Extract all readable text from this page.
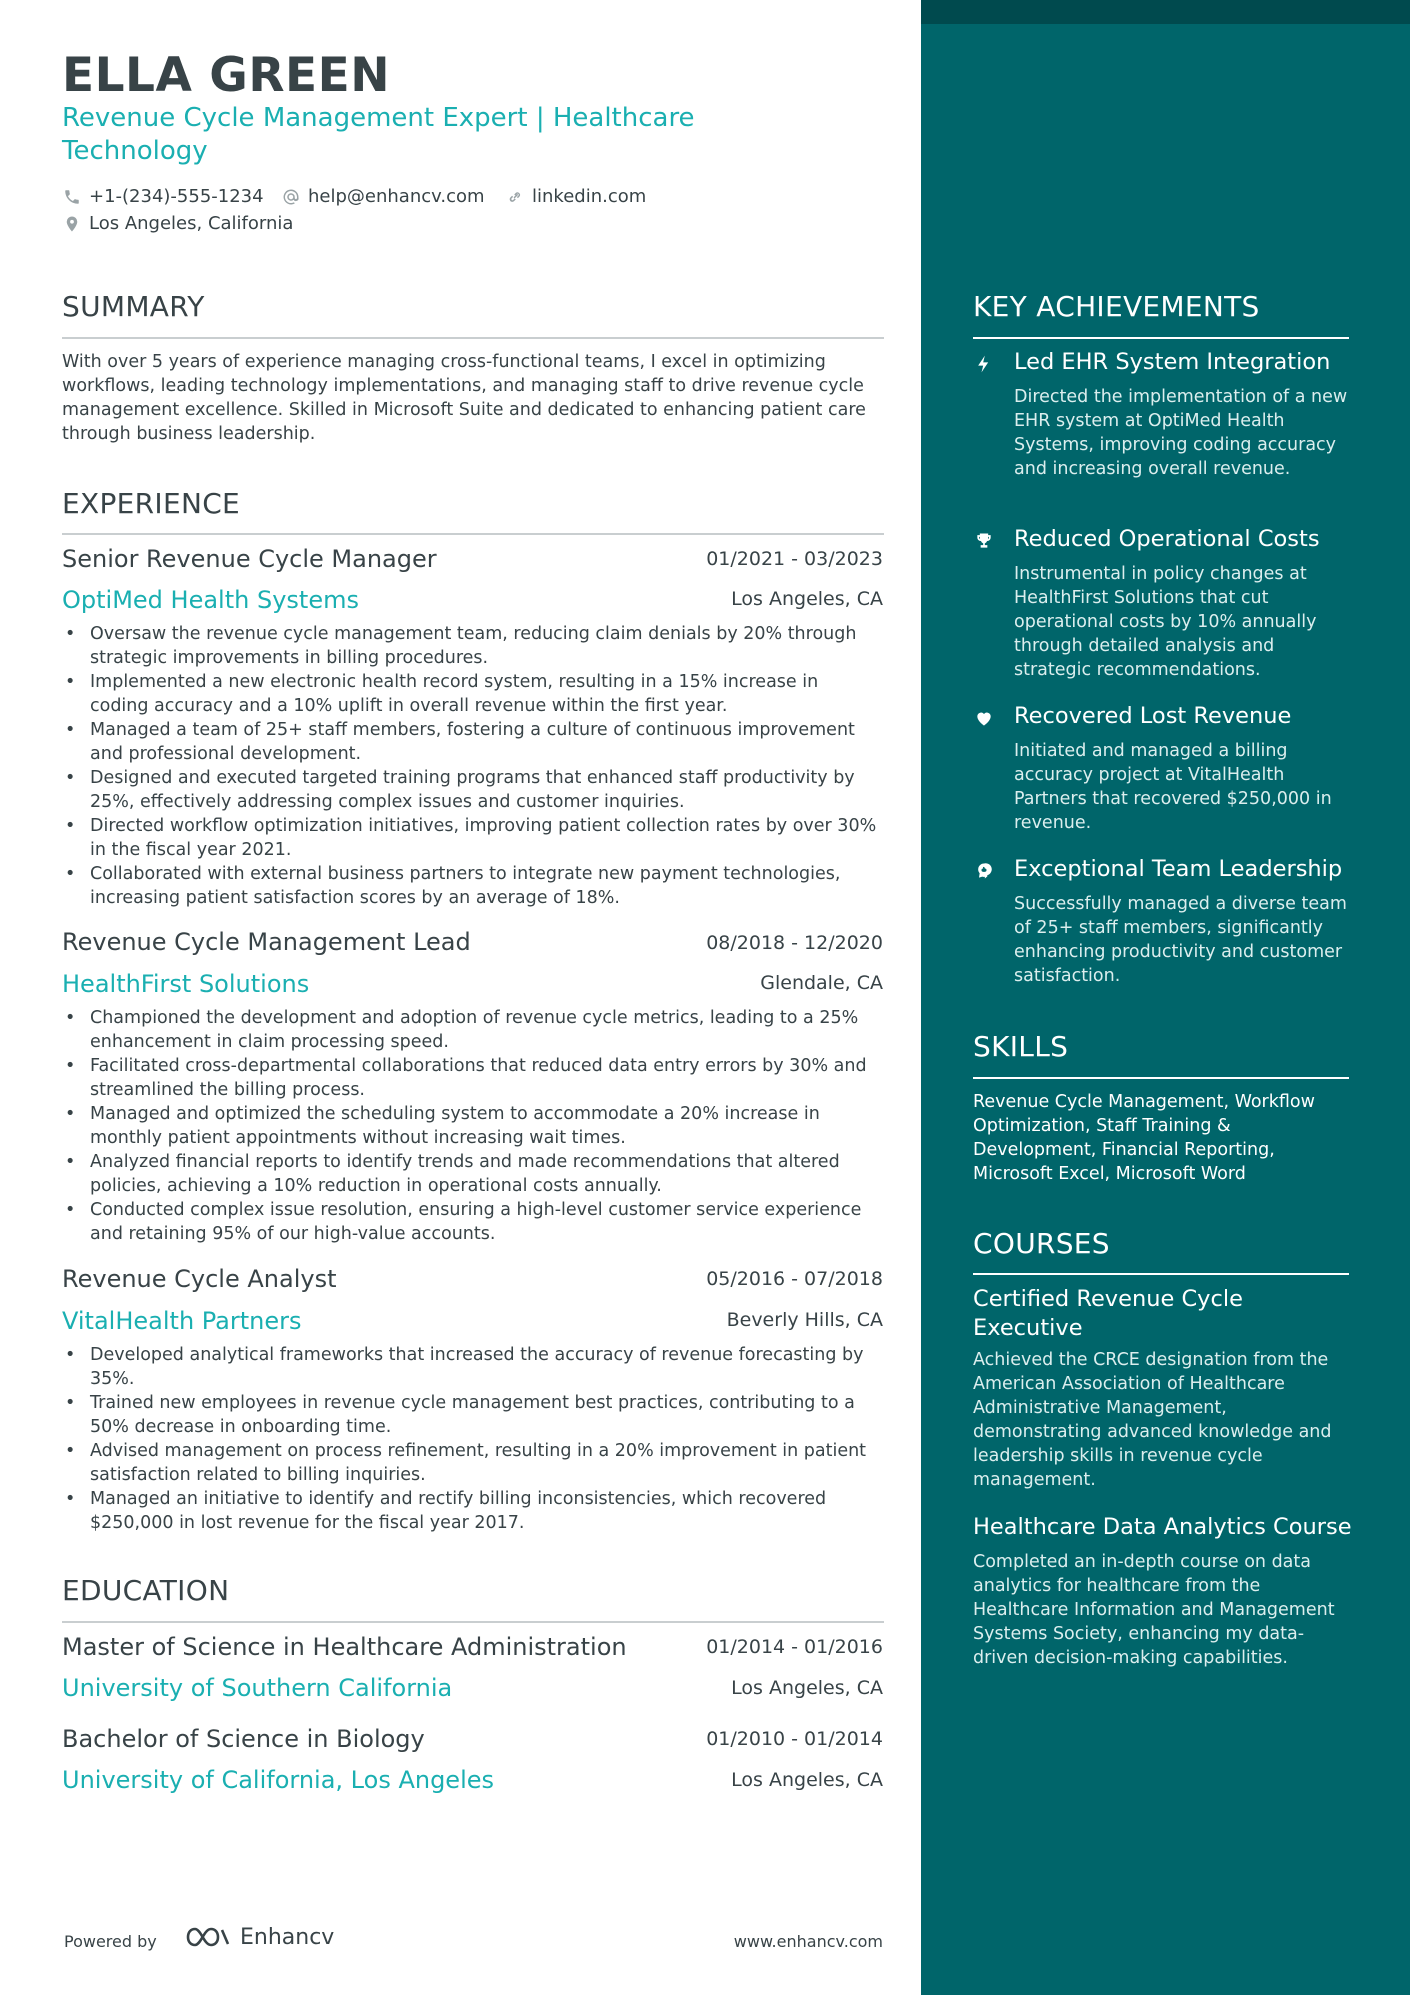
ELLA GREEN
Revenue Cycle Management Expert | Healthcare Technology
+1-(234)-555-1234 help@enhancv.com	linkedin.com
Los Angeles, California
SUMMARY
With over 5 years of experience managing cross-functional teams, I excel in optimizing workflows, leading technology implementations, and managing staff to drive revenue cycle management excellence. Skilled in Microsoft Suite and dedicated to enhancing patient care through business leadership.
EXPERIENCE
Senior Revenue Cycle Manager	01/2021 - 03/2023
OptiMed Health Systems	Los Angeles, CA
• Oversaw the revenue cycle management team, reducing claim denials by 20% through strategic improvements in billing procedures.
• Implemented a new electronic health record system, resulting in a 15% increase in coding accuracy and a 10% uplift in overall revenue within the first year.
• Managed a team of 25+ staff members, fostering a culture of continuous improvement and professional development.
• Designed and executed targeted training programs that enhanced staff productivity by 25%, effectively addressing complex issues and customer inquiries.
• Directed workflow optimization initiatives, improving patient collection rates by over 30% in the fiscal year 2021.
• Collaborated with external business partners to integrate new payment technologies, increasing patient satisfaction scores by an average of 18%.
Revenue Cycle Management Lead	08/2018 - 12/2020
HealthFirst Solutions	Glendale, CA
• Championed the development and adoption of revenue cycle metrics, leading to a 25% enhancement in claim processing speed.
• Facilitated cross-departmental collaborations that reduced data entry errors by 30% and streamlined the billing process.
• Managed and optimized the scheduling system to accommodate a 20% increase in monthly patient appointments without increasing wait times.
• Analyzed financial reports to identify trends and made recommendations that altered policies, achieving a 10% reduction in operational costs annually.
• Conducted complex issue resolution, ensuring a high-level customer service experience and retaining 95% of our high-value accounts.
Revenue Cycle Analyst	05/2016 - 07/2018
VitalHealth Partners	Beverly Hills, CA
• Developed analytical frameworks that increased the accuracy of revenue forecasting by 35%.
• Trained new employees in revenue cycle management best practices, contributing to a 50% decrease in onboarding time.
• Advised management on process refinement, resulting in a 20% improvement in patient satisfaction related to billing inquiries.
• Managed an initiative to identify and rectify billing inconsistencies, which recovered $250,000 in lost revenue for the fiscal year 2017.
EDUCATION
Master of Science in Healthcare Administration	01/2014 - 01/2016
University of Southern California	Los Angeles, CA
Bachelor of Science in Biology	01/2010 - 01/2014
University of California, Los Angeles	Los Angeles, CA
Powered by	Enhancv	www.enhancv.com
KEY ACHIEVEMENTS
Led EHR System Integration
Directed the implementation of a new EHR system at OptiMed Health Systems, improving coding accuracy and increasing overall revenue.
Reduced Operational Costs
Instrumental in policy changes at HealthFirst Solutions that cut operational costs by 10% annually through detailed analysis and strategic recommendations.
Recovered Lost Revenue
Initiated and managed a billing accuracy project at VitalHealth Partners that recovered $250,000 in revenue.
Exceptional Team Leadership
Successfully managed a diverse team of 25+ staff members, significantly enhancing productivity and customer satisfaction.
SKILLS
Revenue Cycle Management, Workflow Optimization, Staff Training & Development, Financial Reporting, Microsoft Excel, Microsoft Word
COURSES
Certified Revenue Cycle Executive
Achieved the CRCE designation from the American Association of Healthcare Administrative Management, demonstrating advanced knowledge and leadership skills in revenue cycle management.
Healthcare Data Analytics Course
Completed an in-depth course on data analytics for healthcare from the Healthcare Information and Management Systems Society, enhancing my data-driven decision-making capabilities.
